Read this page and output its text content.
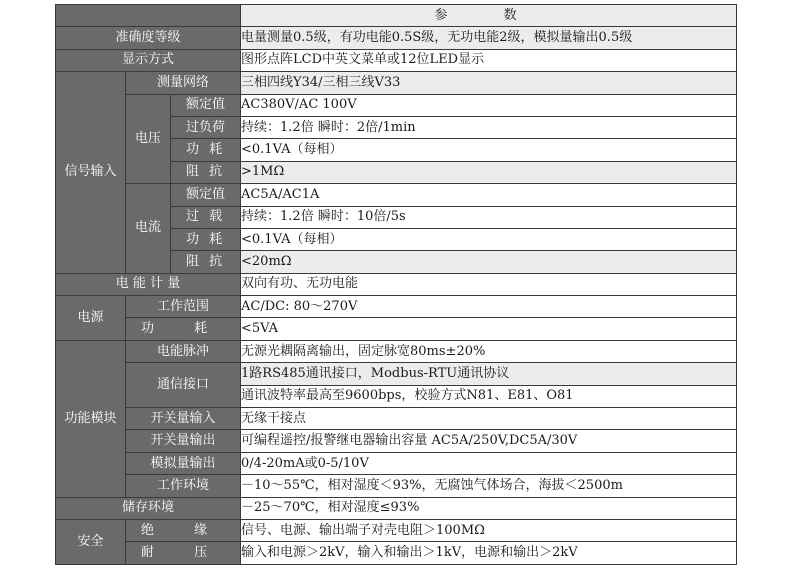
			参 数
准确度等级			电量测量0.5级，有功电能0.5S级，无功电能2级，模拟量输出0.5级
显示方式			图形点阵LCD中英文菜单或12位LED显示
信号输入	测量网络		三相四线Y34/三相三线V33
	电压	额定值	AC380V/AC 100V
		过负荷	持续：1.2倍 瞬时：2倍/1min
		功 耗	<0.1VA（每相）
		阻 抗	>1MΩ
	电流	额定值	AC5A/AC1A
		过 载	持续：1.2倍 瞬时：10倍/5s
		功 耗	<0.1VA（每相）
		阻 抗	<20mΩ
电 能 计 量			双向有功、无功电能
电源	工作范围		AC/DC: 80～270V
	功 耗		<5VA
功能模块	电能脉冲		无源光耦隔离输出，固定脉宽80ms±20%
	通信接口		1路RS485通讯接口，Modbus-RTU通讯协议
			通讯波特率最高至9600bps，校验方式N81、E81、O81
	开关量输入		无缘干接点
	开关量输出		可编程遥控/报警继电器输出容量 AC5A/250V,DC5A/30V
	模拟量输出		0/4-20mA或0-5/10V
	工作环境		－10～55℃，相对湿度＜93%，无腐蚀气体场合，海拔＜2500m
储存环境			－25～70℃，相对湿度≤93%
安全	绝 缘		信号、电源、输出端子对壳电阻＞100MΩ
	耐 压		输入和电源＞2kV，输入和输出＞1kV，电源和输出＞2kV
